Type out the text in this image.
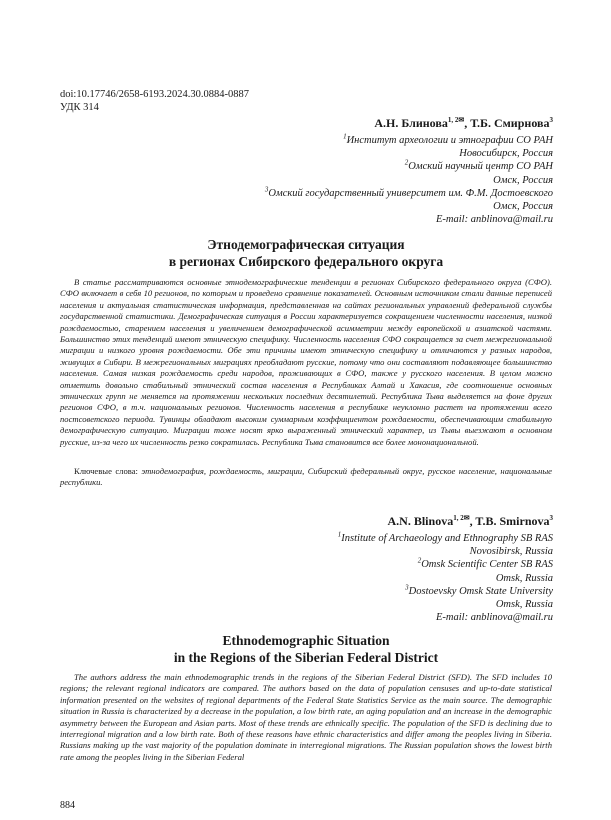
doi:10.17746/2658-6193.2024.30.0884-0887
УДК 314
А.Н. Блинова$^{1, 2✉}$, Т.Б. Смирнова$^3$
$^1$Институт археологии и этнографии СО РАН
Новосибирск, Россия
$^2$Омский научный центр СО РАН
Омск, Россия
$^3$Омский государственный университет им. Ф.М. Достоевского
Омск, Россия
E-mail: anblinova@mail.ru
Этнодемографическая ситуация
в регионах Сибирского федерального округа

В статье рассматриваются основные этнодемографические тенденции в регионах Сибирского федерального округа (СФО). СФО включает в себя 10 регионов, по которым и проведено сравнение показателей. Основным источником стали данные переписей населения и актуальная статистическая информация, представленная на сайтах региональных управлений федеральной службы государственной статистики. Демографическая ситуация в России характеризуется сокращением численности населения, низкой рождаемостью, старением населения и увеличением демографической асимметрии между европейской и азиатской частями. Большинство этих тенденций имеют этническую специфику. Численность населения СФО сокращается за счет межрегиональной миграции и низкого уровня рождаемости. Обе эти причины имеют этническую специфику и отличаются у разных народов, живущих в Сибири. В межрегиональных миграциях преобладают русские, потому что они составляют подавляющее большинство населения. Самая низкая рождаемость среди народов, проживающих в СФО, также у русского населения. В целом можно отметить довольно стабильный этнический состав населения в Республиках Алтай и Хакасия, где соотношение основных этнических групп не меняется на протяжении нескольких последних десятилетий. Республика Тыва выделяется на фоне других регионов СФО, в т.ч. национальных регионов. Численность населения в республике неуклонно растет на протяжении всего постсоветского периода. Тувинцы обладают высоким суммарным коэффициентом рождаемости, обеспечивающим стабильную демографическую ситуацию. Миграции тоже носят ярко выраженный этнический характер, из Тывы выезжают в основном русские, из-за чего их численность резко сократилась. Республика Тыва становится все более мононациональной.

Ключевые слова: этнодемография, рождаемость, миграции, Сибирский федеральный округ, русское население, национальные республики.

A.N. Blinova$^{1, 2✉}$, T.B. Smirnova$^3$
$^1$Institute of Archaeology and Ethnography SB RAS
Novosibirsk, Russia
$^2$Omsk Scientific Center SB RAS
Omsk, Russia
$^3$Dostoevsky Omsk State University
Omsk, Russia
E-mail: anblinova@mail.ru
Ethnodemographic Situation
in the Regions of the Siberian Federal District

The authors address the main ethnodemographic trends in the regions of the Siberian Federal District (SFD). The SFD includes 10 regions; the relevant regional indicators are compared. The authors based on the data of population censuses and up-to-date statistical information presented on the websites of regional departments of the Federal State Statistics Service as the main source. The demographic situation in Russia is characterized by a decrease in the population, a low birth rate, an aging population and an increase in the demographic asymmetry between the European and Asian parts. Most of these trends are ethnically specific. The population of the SFD is declining due to interregional migration and a low birth rate. Both of these reasons have ethnic characteristics and differ among the peoples living in Siberia. Russians making up the vast majority of the population dominate in interregional migrations. The Russian population shows the lowest birth rate among the peoples living in the Siberian Federal

884
